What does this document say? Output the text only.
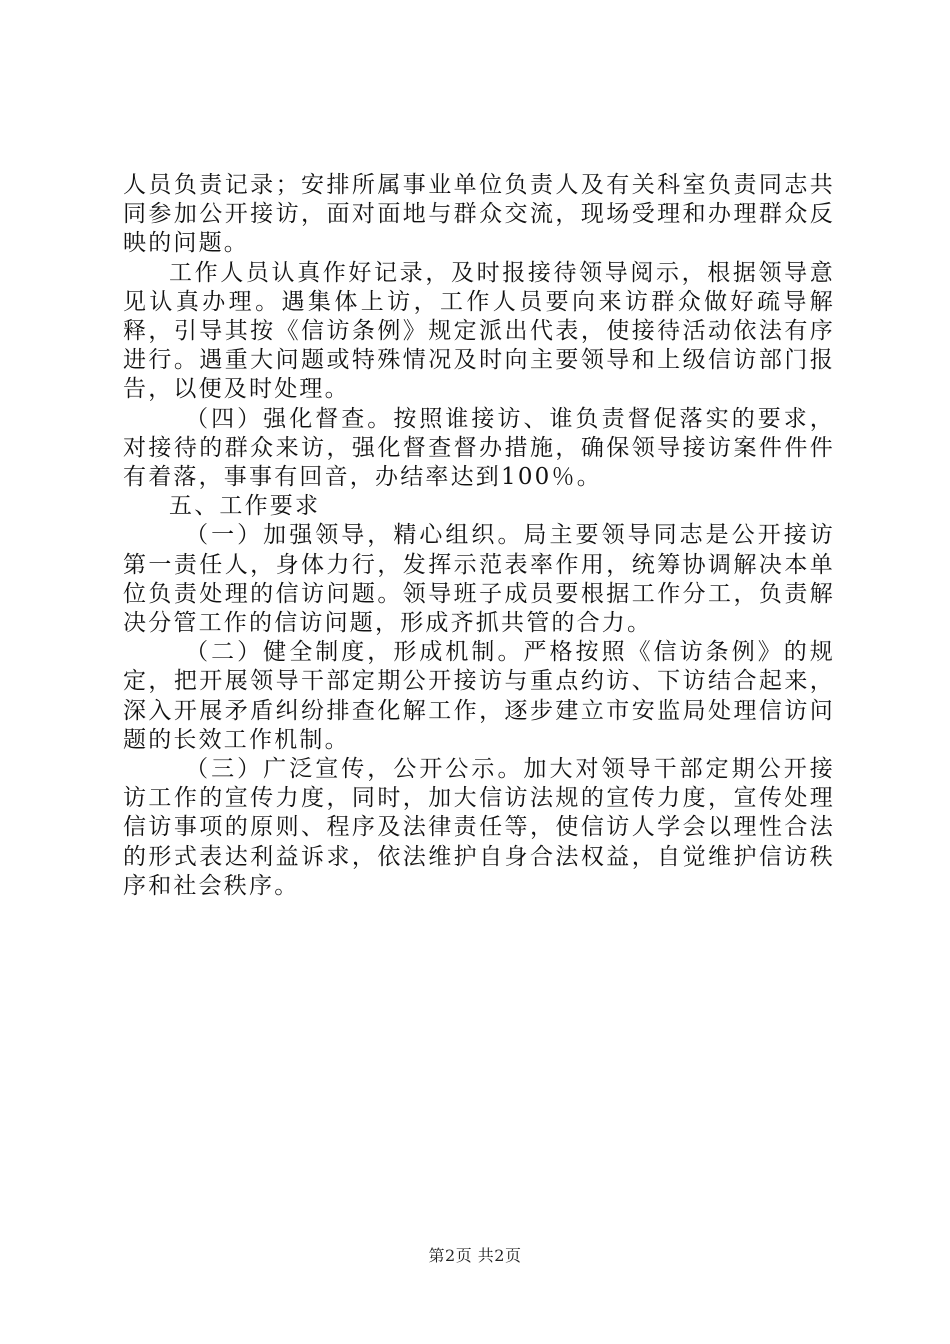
人员负责记录；安排所属事业单位负责人及有关科室负责同志共同参加公开接访，面对面地与群众交流，现场受理和办理群众反映的问题。

工作人员认真作好记录，及时报接待领导阅示，根据领导意见认真办理。遇集体上访，工作人员要向来访群众做好疏导解释，引导其按《信访条例》规定派出代表，使接待活动依法有序进行。遇重大问题或特殊情况及时向主要领导和上级信访部门报告，以便及时处理。

（四）强化督查。按照谁接访、谁负责督促落实的要求，对接待的群众来访，强化督查督办措施，确保领导接访案件件件有着落，事事有回音，办结率达到100％。

五、工作要求

（一）加强领导，精心组织。局主要领导同志是公开接访第一责任人，身体力行，发挥示范表率作用，统筹协调解决本单位负责处理的信访问题。领导班子成员要根据工作分工，负责解决分管工作的信访问题，形成齐抓共管的合力。

（二）健全制度，形成机制。严格按照《信访条例》的规定，把开展领导干部定期公开接访与重点约访、下访结合起来，深入开展矛盾纠纷排查化解工作，逐步建立市安监局处理信访问题的长效工作机制。

（三）广泛宣传，公开公示。加大对领导干部定期公开接访工作的宣传力度，同时，加大信访法规的宣传力度，宣传处理信访事项的原则、程序及法律责任等，使信访人学会以理性合法的形式表达利益诉求，依法维护自身合法权益，自觉维护信访秩序和社会秩序。

第2页 共2页
